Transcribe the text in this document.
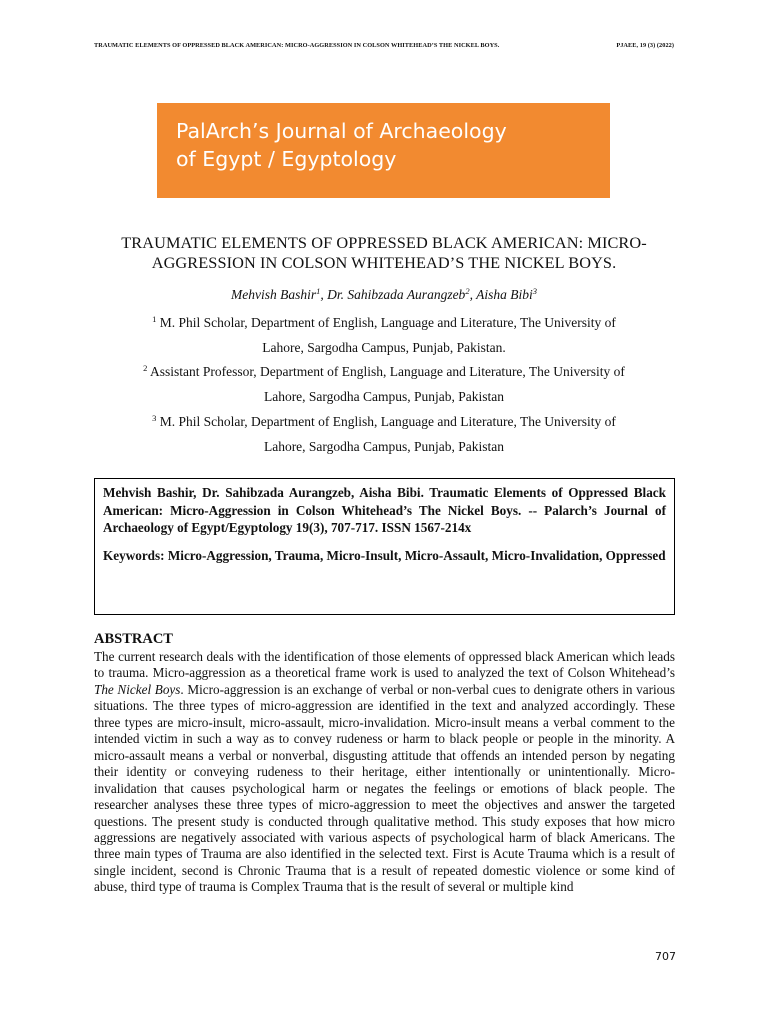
TRAUMATIC ELEMENTS OF OPPRESSED BLACK AMERICAN: MICRO-AGGRESSION IN COLSON WHITEHEAD’S THE NICKEL BOYS.	PJAEE, 19 (3) (2022)
PalArch’s Journal of Archaeology
of Egypt / Egyptology
TRAUMATIC ELEMENTS OF OPPRESSED BLACK AMERICAN: MICRO-
AGGRESSION IN COLSON WHITEHEAD’S THE NICKEL BOYS.
Mehvish Bashir$^1$, Dr. Sahibzada Aurangzeb$^2$, Aisha Bibi$^3$
$^1$ M. Phil Scholar, Department of English, Language and Literature, The University of
Lahore, Sargodha Campus, Punjab, Pakistan.
$^2$ Assistant Professor, Department of English, Language and Literature, The University of
Lahore, Sargodha Campus, Punjab, Pakistan
$^3$ M. Phil Scholar, Department of English, Language and Literature, The University of
Lahore, Sargodha Campus, Punjab, Pakistan

Mehvish Bashir, Dr. Sahibzada Aurangzeb, Aisha Bibi. Traumatic Elements of Oppressed Black American: Micro-Aggression in Colson Whitehead’s The Nickel Boys. -- Palarch’s Journal of Archaeology of Egypt/Egyptology 19(3), 707-717. ISSN 1567-214x

Keywords: Micro-Aggression, Trauma, Micro-Insult, Micro-Assault, Micro-Invalidation, Oppressed

ABSTRACT

The current research deals with the identification of those elements of oppressed black American which leads to trauma. Micro-aggression as a theoretical frame work is used to analyzed the text of Colson Whitehead’s The Nickel Boys. Micro-aggression is an exchange of verbal or non-verbal cues to denigrate others in various situations. The three types of micro-aggression are identified in the text and analyzed accordingly. These three types are micro-insult, micro-assault, micro-invalidation. Micro-insult means a verbal comment to the intended victim in such a way as to convey rudeness or harm to black people or people in the minority. A micro-assault means a verbal or nonverbal, disgusting attitude that offends an intended person by negating their identity or conveying rudeness to their heritage, either intentionally or unintentionally. Micro-invalidation that causes psychological harm or negates the feelings or emotions of black people. The researcher analyses these three types of micro-aggression to meet the objectives and answer the targeted questions. The present study is conducted through qualitative method. This study exposes that how micro aggressions are negatively associated with various aspects of psychological harm of black Americans. The three main types of Trauma are also identified in the selected text. First is Acute Trauma which is a result of single incident, second is Chronic Trauma that is a result of repeated domestic violence or some kind of abuse, third type of trauma is Complex Trauma that is the result of several or multiple kind

707
